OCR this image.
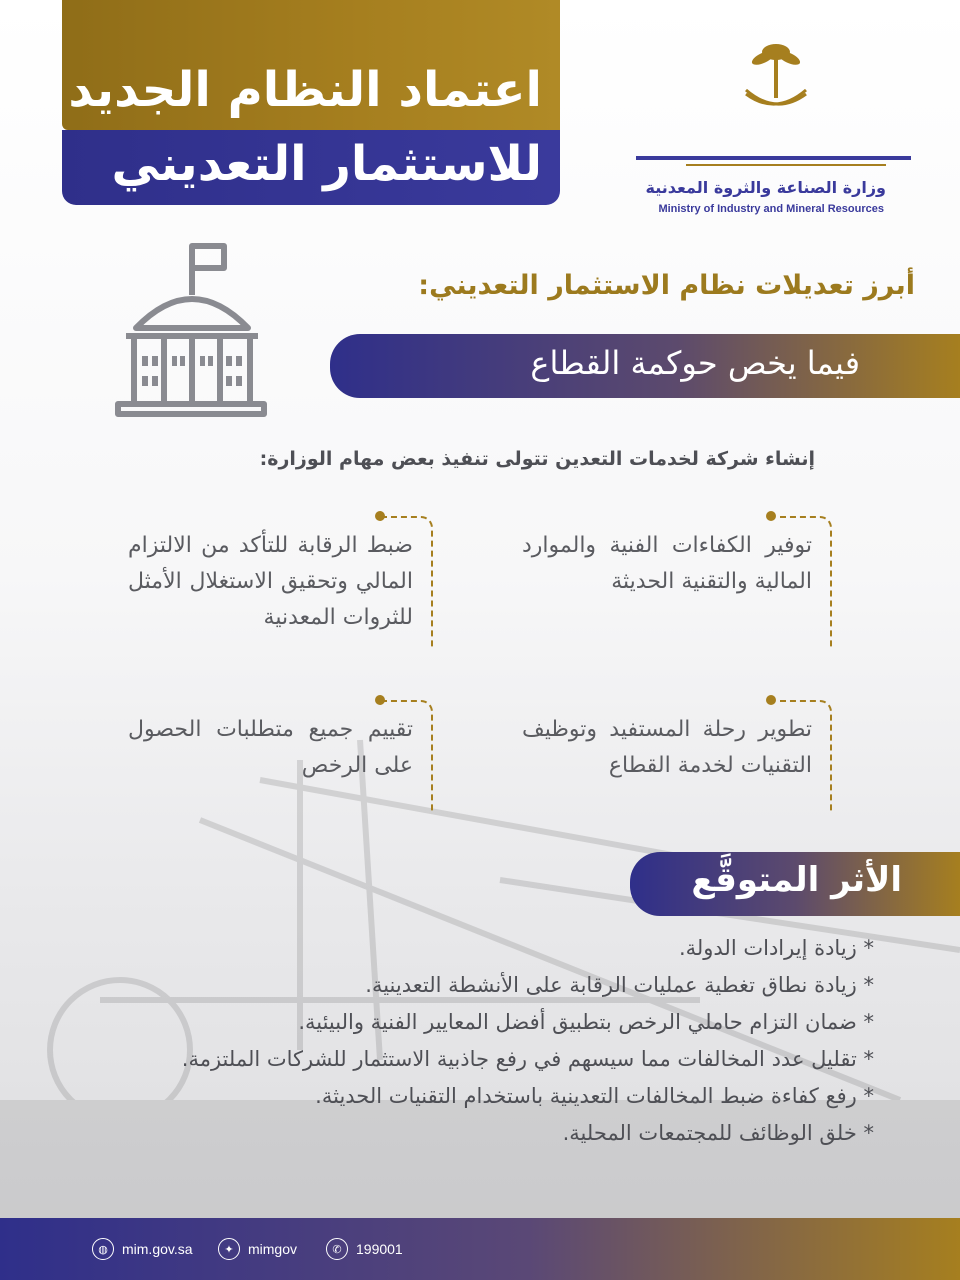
اعتماد النظام الجديد
للاستثمار التعديني	وزارة الصناعة والثروة المعدنية
Ministry of Industry and Mineral Resources
أبرز تعديلات نظام الاستثمار التعديني:
فيما يخص حوكمة القطاع
إنشاء شركة لخدمات التعدين تتولى تنفيذ بعض مهام الوزارة:
توفير الكفاءات الفنية والموارد المالية والتقنية الحديثة
ضبط الرقابة للتأكد من الالتزام المالي وتحقيق الاستغلال الأمثل للثروات المعدنية
تطوير رحلة المستفيد وتوظيف التقنيات لخدمة القطاع
تقييم جميع متطلبات الحصول على الرخص
الأثر المتوقَّع
* زيادة إيرادات الدولة.
* زيادة نطاق تغطية عمليات الرقابة على الأنشطة التعدينية.
* ضمان التزام حاملي الرخص بتطبيق أفضل المعايير الفنية والبيئية.
* تقليل عدد المخالفات مما سيسهم في رفع جاذبية الاستثمار للشركات الملتزمة.
* رفع كفاءة ضبط المخالفات التعدينية باستخدام التقنيات الحديثة.
* خلق الوظائف للمجتمعات المحلية.
◍	mim.gov.sa	✦	mimgov	✆	199001
